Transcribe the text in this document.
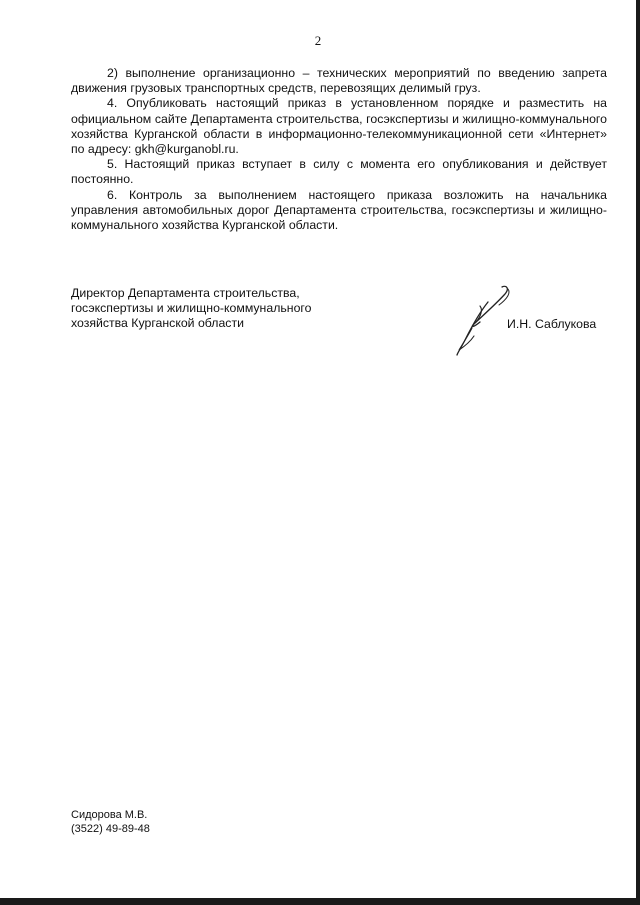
2

2) выполнение организационно – технических мероприятий по введению запрета движения грузовых транспортных средств, перевозящих делимый груз.

4. Опубликовать настоящий приказ в установленном порядке и разместить на официальном сайте Департамента строительства, госэкспертизы и жилищно-коммунального хозяйства Курганской области в информационно-телекоммуникационной сети «Интернет» по адресу: gkh@kurganobl.ru.

5. Настоящий приказ вступает в силу с момента его опубликования и действует постоянно.

6. Контроль за выполнением настоящего приказа возложить на начальника управления автомобильных дорог Департамента строительства, госэкспертизы и жилищно-коммунального хозяйства Курганской области.

Директор Департамента строительства,
госэкспертизы и жилищно-коммунального
хозяйства Курганской области	И.Н. Саблукова
Сидорова М.В.
(3522) 49-89-48
